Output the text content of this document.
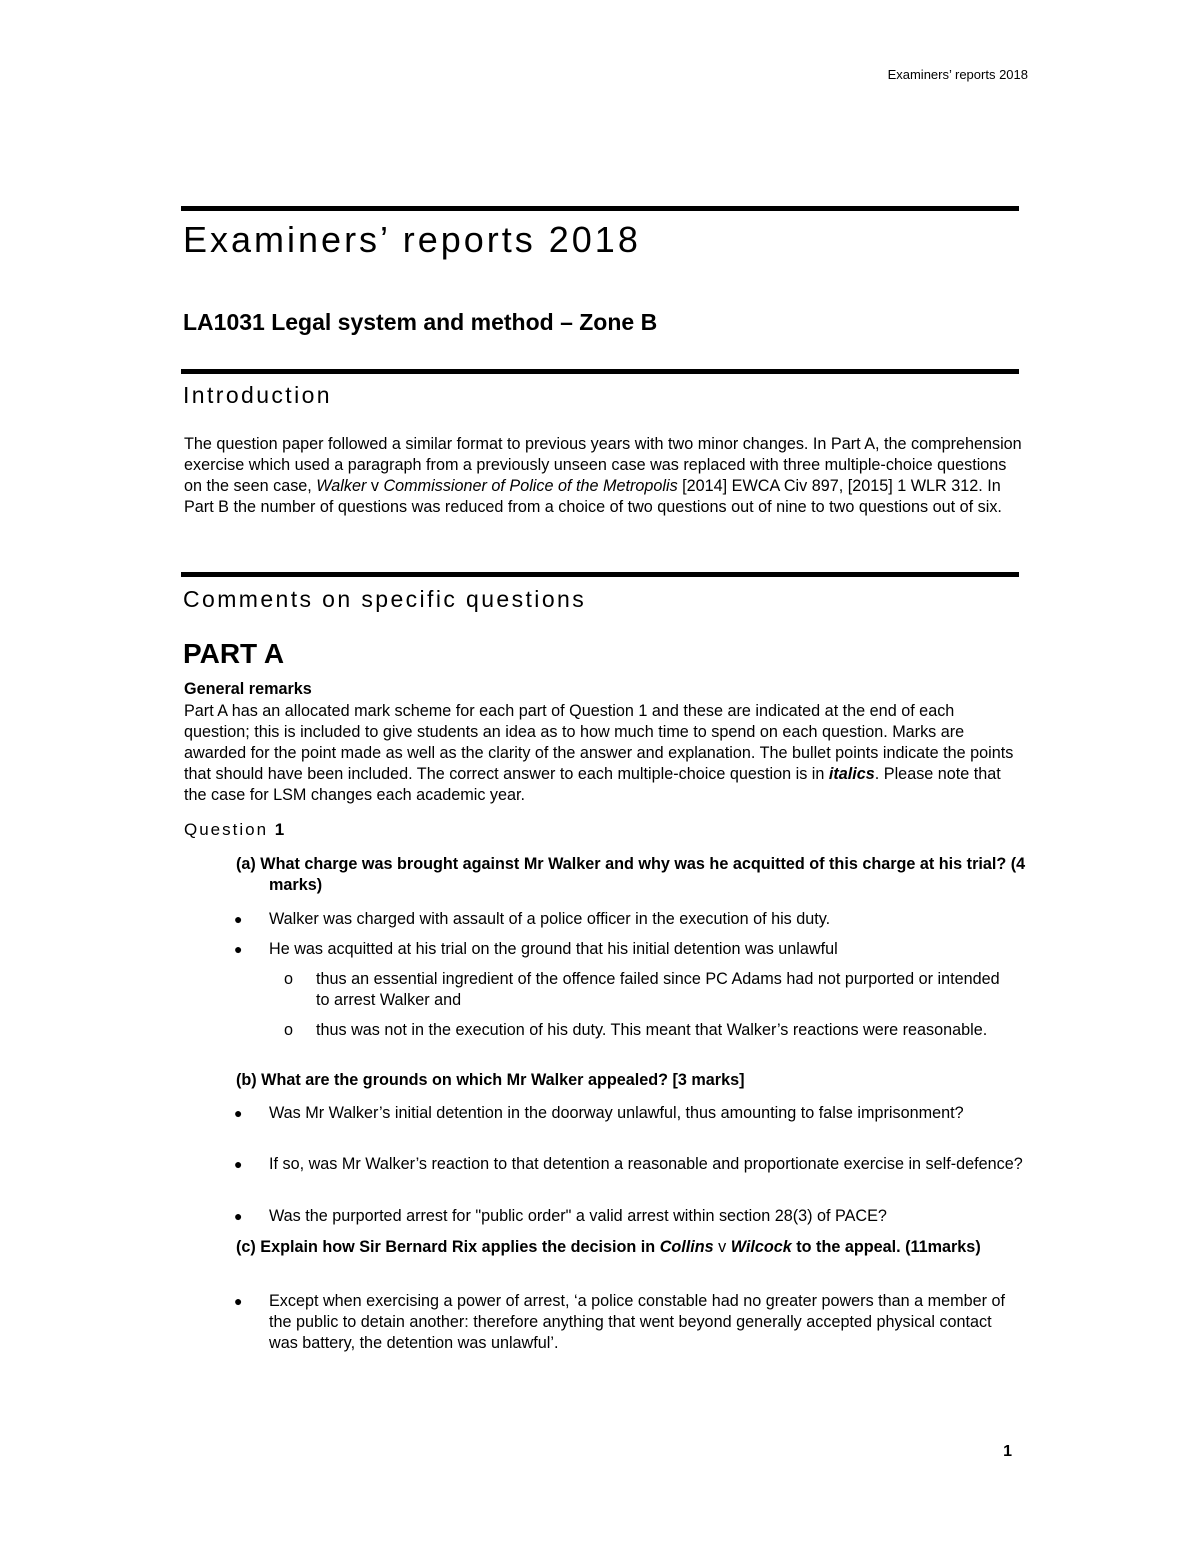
Examiners’ reports 2018
Examiners’ reports 2018
LA1031 Legal system and method – Zone B
Introduction

The question paper followed a similar format to previous years with two minor changes. In Part A, the comprehension exercise which used a paragraph from a previously unseen case was replaced with three multiple-choice questions on the seen case, Walker v Commissioner of Police of the Metropolis [2014] EWCA Civ 897, [2015] 1 WLR 312. In Part B the number of questions was reduced from a choice of two questions out of nine to two questions out of six.

Comments on specific questions
PART A
General remarks

Part A has an allocated mark scheme for each part of Question 1 and these are indicated at the end of each question; this is included to give students an idea as to how much time to spend on each question. Marks are awarded for the point made as well as the clarity of the answer and explanation. The bullet points indicate the points that should have been included. The correct answer to each multiple-choice question is in italics. Please note that the case for LSM changes each academic year.

Question 1

(a) What charge was brought against Mr Walker and why was he acquitted of this charge at his trial? (4 marks)

● Walker was charged with assault of a police officer in the execution of his duty.

● He was acquitted at his trial on the ground that his initial detention was unlawful

o thus an essential ingredient of the offence failed since PC Adams had not purported or intended to arrest Walker and

o thus was not in the execution of his duty. This meant that Walker’s reactions were reasonable.

(b) What are the grounds on which Mr Walker appealed? [3 marks]

● Was Mr Walker’s initial detention in the doorway unlawful, thus amounting to false imprisonment?

● If so, was Mr Walker’s reaction to that detention a reasonable and proportionate exercise in self-defence?

● Was the purported arrest for "public order" a valid arrest within section 28(3) of PACE?

(c) Explain how Sir Bernard Rix applies the decision in Collins v Wilcock to the appeal. (11marks)

● Except when exercising a power of arrest, ‘a police constable had no greater powers than a member of the public to detain another: therefore anything that went beyond generally accepted physical contact was battery, the detention was unlawful’.

1
